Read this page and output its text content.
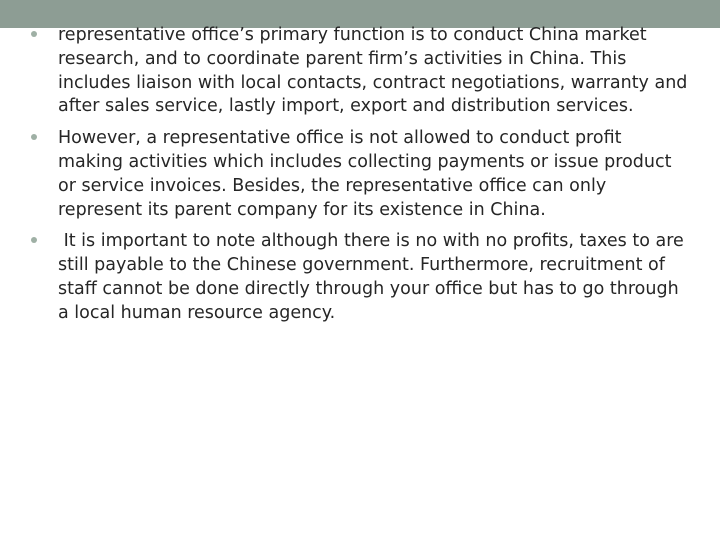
representative office’s primary function is to conduct China market research, and to coordinate parent firm’s activities in China. This includes liaison with local contacts, contract negotiations, warranty and after sales service, lastly import, export and distribution services.
However, a representative office is not allowed to conduct profit making activities which includes collecting payments or issue product or service invoices. Besides, the representative office can only represent its parent company for its existence in China.
It is important to note although there is no with no profits, taxes to are still payable to the Chinese government. Furthermore, recruitment of staff cannot be done directly through your office but has to go through a local human resource agency.
